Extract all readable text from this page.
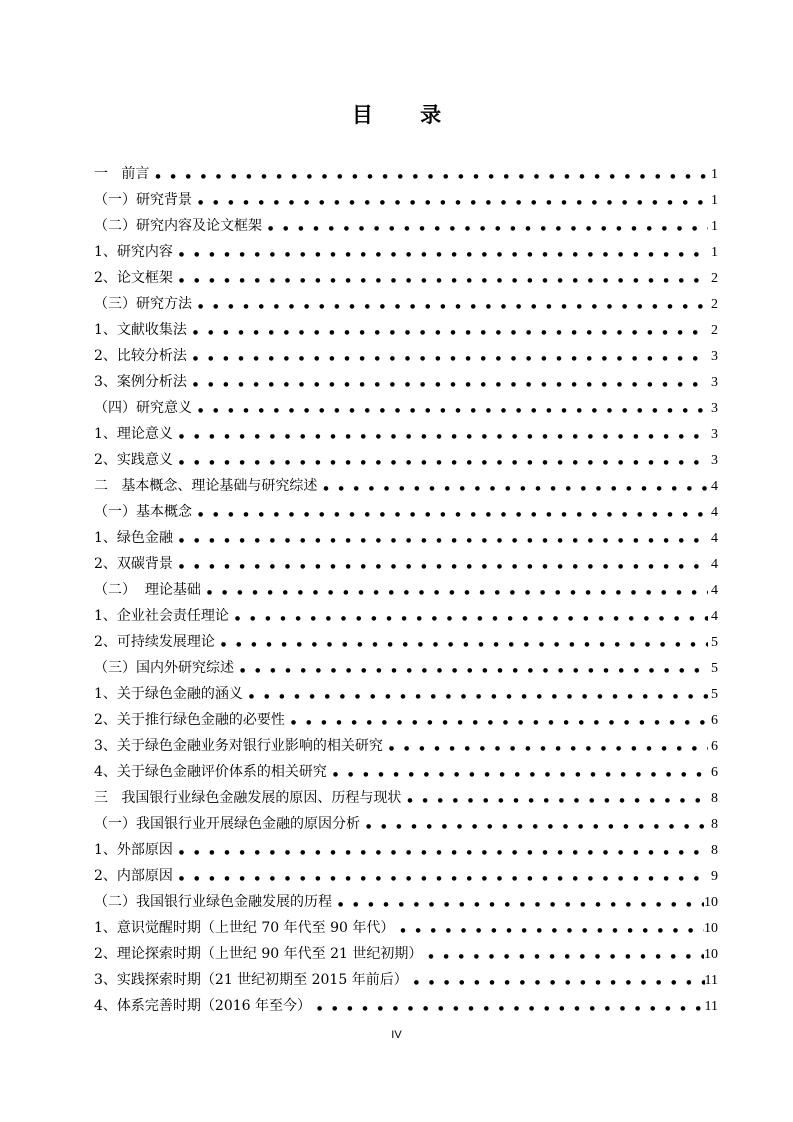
目 录
一   前言 ● ● ● ● ● ● ● ● ● ● ● ● ● ● ● ● ● ● ● ● ● ● ● ● ● ● ● ● ● ● ● ● ● ● ● ● ● ● ● ● ● ● ● ● ● ● ● ● ● ● ● ● ● ● ● ● ● ● ● ●	1
（一）研究背景 ● ● ● ● ● ● ● ● ● ● ● ● ● ● ● ● ● ● ● ● ● ● ● ● ● ● ● ● ● ● ● ● ● ● ● ● ● ● ● ● ● ● ● ● ● ● ● ● ● ● ● ● ● ● ● ● ● ● ● ●	1
（二）研究内容及论文框架 ● ● ● ● ● ● ● ● ● ● ● ● ● ● ● ● ● ● ● ● ● ● ● ● ● ● ● ● ● ● ● ● ● ● ● ● ● ● ● ● ● ● ● ● ● ● ● ● ● ● ● ● ● ● ● ● ● ● ● ●	1
1、研究内容 ● ● ● ● ● ● ● ● ● ● ● ● ● ● ● ● ● ● ● ● ● ● ● ● ● ● ● ● ● ● ● ● ● ● ● ● ● ● ● ● ● ● ● ● ● ● ● ● ● ● ● ● ● ● ● ● ● ● ● ●	1
2、论文框架 ● ● ● ● ● ● ● ● ● ● ● ● ● ● ● ● ● ● ● ● ● ● ● ● ● ● ● ● ● ● ● ● ● ● ● ● ● ● ● ● ● ● ● ● ● ● ● ● ● ● ● ● ● ● ● ● ● ● ● ●	2
（三）研究方法 ● ● ● ● ● ● ● ● ● ● ● ● ● ● ● ● ● ● ● ● ● ● ● ● ● ● ● ● ● ● ● ● ● ● ● ● ● ● ● ● ● ● ● ● ● ● ● ● ● ● ● ● ● ● ● ● ● ● ● ●	2
1、文献收集法 ● ● ● ● ● ● ● ● ● ● ● ● ● ● ● ● ● ● ● ● ● ● ● ● ● ● ● ● ● ● ● ● ● ● ● ● ● ● ● ● ● ● ● ● ● ● ● ● ● ● ● ● ● ● ● ● ● ● ● ●	2
2、比较分析法 ● ● ● ● ● ● ● ● ● ● ● ● ● ● ● ● ● ● ● ● ● ● ● ● ● ● ● ● ● ● ● ● ● ● ● ● ● ● ● ● ● ● ● ● ● ● ● ● ● ● ● ● ● ● ● ● ● ● ● ●	3
3、案例分析法 ● ● ● ● ● ● ● ● ● ● ● ● ● ● ● ● ● ● ● ● ● ● ● ● ● ● ● ● ● ● ● ● ● ● ● ● ● ● ● ● ● ● ● ● ● ● ● ● ● ● ● ● ● ● ● ● ● ● ● ●	3
（四）研究意义 ● ● ● ● ● ● ● ● ● ● ● ● ● ● ● ● ● ● ● ● ● ● ● ● ● ● ● ● ● ● ● ● ● ● ● ● ● ● ● ● ● ● ● ● ● ● ● ● ● ● ● ● ● ● ● ● ● ● ● ●	3
1、理论意义 ● ● ● ● ● ● ● ● ● ● ● ● ● ● ● ● ● ● ● ● ● ● ● ● ● ● ● ● ● ● ● ● ● ● ● ● ● ● ● ● ● ● ● ● ● ● ● ● ● ● ● ● ● ● ● ● ● ● ● ●	3
2、实践意义 ● ● ● ● ● ● ● ● ● ● ● ● ● ● ● ● ● ● ● ● ● ● ● ● ● ● ● ● ● ● ● ● ● ● ● ● ● ● ● ● ● ● ● ● ● ● ● ● ● ● ● ● ● ● ● ● ● ● ● ●	3
二   基本概念、理论基础与研究综述 ● ● ● ● ● ● ● ● ● ● ● ● ● ● ● ● ● ● ● ● ● ● ● ● ● ● ● ● ● ● ● ● ● ● ● ● ● ● ● ● ● ● ● ● ● ● ● ● ● ● ● ● ● ● ● ● ● ● ● ●	4
（一）基本概念 ● ● ● ● ● ● ● ● ● ● ● ● ● ● ● ● ● ● ● ● ● ● ● ● ● ● ● ● ● ● ● ● ● ● ● ● ● ● ● ● ● ● ● ● ● ● ● ● ● ● ● ● ● ● ● ● ● ● ● ●	4
1、绿色金融 ● ● ● ● ● ● ● ● ● ● ● ● ● ● ● ● ● ● ● ● ● ● ● ● ● ● ● ● ● ● ● ● ● ● ● ● ● ● ● ● ● ● ● ● ● ● ● ● ● ● ● ● ● ● ● ● ● ● ● ●	4
2、双碳背景 ● ● ● ● ● ● ● ● ● ● ● ● ● ● ● ● ● ● ● ● ● ● ● ● ● ● ● ● ● ● ● ● ● ● ● ● ● ● ● ● ● ● ● ● ● ● ● ● ● ● ● ● ● ● ● ● ● ● ● ●	4
（二）  理论基础 ● ● ● ● ● ● ● ● ● ● ● ● ● ● ● ● ● ● ● ● ● ● ● ● ● ● ● ● ● ● ● ● ● ● ● ● ● ● ● ● ● ● ● ● ● ● ● ● ● ● ● ● ● ● ● ● ● ● ● ●	4
1、企业社会责任理论 ● ● ● ● ● ● ● ● ● ● ● ● ● ● ● ● ● ● ● ● ● ● ● ● ● ● ● ● ● ● ● ● ● ● ● ● ● ● ● ● ● ● ● ● ● ● ● ● ● ● ● ● ● ● ● ● ● ● ● ●	4
2、可持续发展理论 ● ● ● ● ● ● ● ● ● ● ● ● ● ● ● ● ● ● ● ● ● ● ● ● ● ● ● ● ● ● ● ● ● ● ● ● ● ● ● ● ● ● ● ● ● ● ● ● ● ● ● ● ● ● ● ● ● ● ● ●	5
（三）国内外研究综述 ● ● ● ● ● ● ● ● ● ● ● ● ● ● ● ● ● ● ● ● ● ● ● ● ● ● ● ● ● ● ● ● ● ● ● ● ● ● ● ● ● ● ● ● ● ● ● ● ● ● ● ● ● ● ● ● ● ● ● ●	5
1、关于绿色金融的涵义 ● ● ● ● ● ● ● ● ● ● ● ● ● ● ● ● ● ● ● ● ● ● ● ● ● ● ● ● ● ● ● ● ● ● ● ● ● ● ● ● ● ● ● ● ● ● ● ● ● ● ● ● ● ● ● ● ● ● ● ●	5
2、关于推行绿色金融的必要性 ● ● ● ● ● ● ● ● ● ● ● ● ● ● ● ● ● ● ● ● ● ● ● ● ● ● ● ● ● ● ● ● ● ● ● ● ● ● ● ● ● ● ● ● ● ● ● ● ● ● ● ● ● ● ● ● ● ● ● ●	6
3、关于绿色金融业务对银行业影响的相关研究 ● ● ● ● ● ● ● ● ● ● ● ● ● ● ● ● ● ● ● ● ● ● ● ● ● ● ● ● ● ● ● ● ● ● ● ● ● ● ● ● ● ● ● ● ● ● ● ● ● ● ● ● ● ● ● ● ● ● ● ●	6
4、关于绿色金融评价体系的相关研究 ● ● ● ● ● ● ● ● ● ● ● ● ● ● ● ● ● ● ● ● ● ● ● ● ● ● ● ● ● ● ● ● ● ● ● ● ● ● ● ● ● ● ● ● ● ● ● ● ● ● ● ● ● ● ● ● ● ● ● ●	6
三   我国银行业绿色金融发展的原因、历程与现状 ● ● ● ● ● ● ● ● ● ● ● ● ● ● ● ● ● ● ● ● ● ● ● ● ● ● ● ● ● ● ● ● ● ● ● ● ● ● ● ● ● ● ● ● ● ● ● ● ● ● ● ● ● ● ● ● ● ● ● ●	8
（一）我国银行业开展绿色金融的原因分析 ● ● ● ● ● ● ● ● ● ● ● ● ● ● ● ● ● ● ● ● ● ● ● ● ● ● ● ● ● ● ● ● ● ● ● ● ● ● ● ● ● ● ● ● ● ● ● ● ● ● ● ● ● ● ● ● ● ● ● ●	8
1、外部原因 ● ● ● ● ● ● ● ● ● ● ● ● ● ● ● ● ● ● ● ● ● ● ● ● ● ● ● ● ● ● ● ● ● ● ● ● ● ● ● ● ● ● ● ● ● ● ● ● ● ● ● ● ● ● ● ● ● ● ● ●	8
2、内部原因 ● ● ● ● ● ● ● ● ● ● ● ● ● ● ● ● ● ● ● ● ● ● ● ● ● ● ● ● ● ● ● ● ● ● ● ● ● ● ● ● ● ● ● ● ● ● ● ● ● ● ● ● ● ● ● ● ● ● ● ●	9
（二）我国银行业绿色金融发展的历程 ● ● ● ● ● ● ● ● ● ● ● ● ● ● ● ● ● ● ● ● ● ● ● ● ● ● ● ● ● ● ● ● ● ● ● ● ● ● ● ● ● ● ● ● ● ● ● ● ● ● ● ● ● ● ● ● ● ● ● ●	10
1、意识觉醒时期（上世纪 70 年代至 90 年代） ● ● ● ● ● ● ● ● ● ● ● ● ● ● ● ● ● ● ● ● ● ● ● ● ● ● ● ● ● ● ● ● ● ● ● ● ● ● ● ● ● ● ● ● ● ● ● ● ● ● ● ● ● ● ● ● ● ● ● ●	10
2、理论探索时期（上世纪 90 年代至 21 世纪初期） ● ● ● ● ● ● ● ● ● ● ● ● ● ● ● ● ● ● ● ● ● ● ● ● ● ● ● ● ● ● ● ● ● ● ● ● ● ● ● ● ● ● ● ● ● ● ● ● ● ● ● ● ● ● ● ● ● ● ● ●	10
3、实践探索时期（21 世纪初期至 2015 年前后） ● ● ● ● ● ● ● ● ● ● ● ● ● ● ● ● ● ● ● ● ● ● ● ● ● ● ● ● ● ● ● ● ● ● ● ● ● ● ● ● ● ● ● ● ● ● ● ● ● ● ● ● ● ● ● ● ● ● ● ●	11
4、体系完善时期（2016 年至今） ● ● ● ● ● ● ● ● ● ● ● ● ● ● ● ● ● ● ● ● ● ● ● ● ● ● ● ● ● ● ● ● ● ● ● ● ● ● ● ● ● ● ● ● ● ● ● ● ● ● ● ● ● ● ● ● ● ● ● ●	11
IV
